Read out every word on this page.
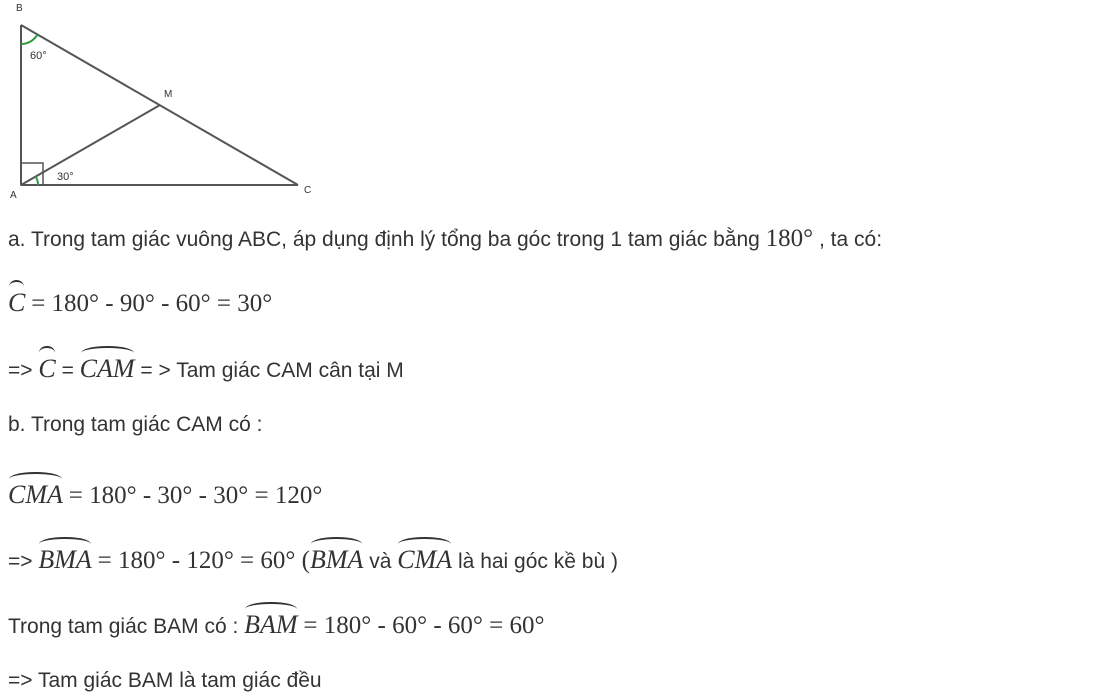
B
M
A	C
60°
30°
a. Trong tam giác vuông ABC, áp dụng định lý tổng ba góc trong 1 tam giác bằng 180° , ta có:
C = 180° - 90° - 60° = 30°
=> C = CAM = > Tam giác CAM cân tại M
b. Trong tam giác CAM có :
CMA = 180° - 30° - 30° = 120°
=> BMA = 180° - 120° = 60° (BMA và CMA là hai góc kề bù )
Trong tam giác BAM có : BAM = 180° - 60° - 60° = 60°
=> Tam giác BAM là tam giác đều
